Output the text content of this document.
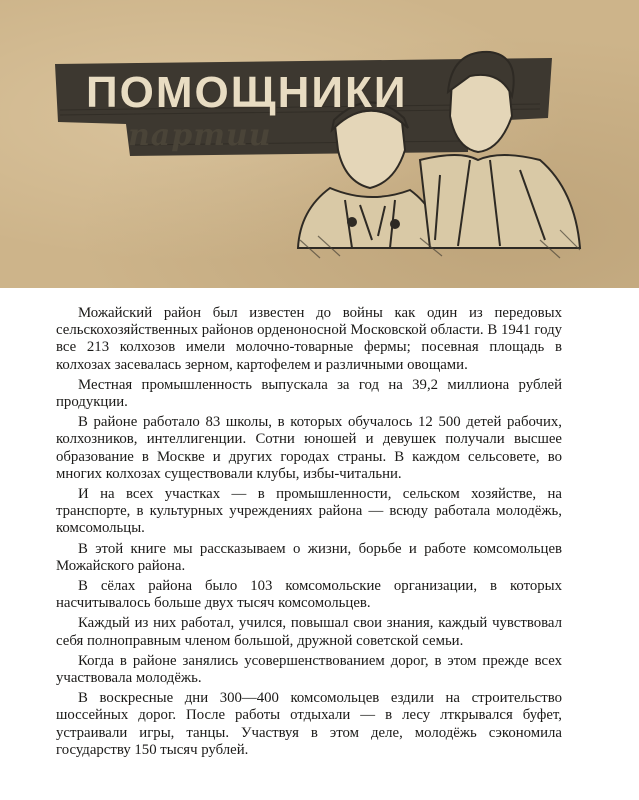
ПОМОЩНИКИ
партии

Можайский район был известен до войны как один из передовых сельскохозяйственных районов орденоносной Московской области. В 1941 году все 213 колхозов имели молочно-товарные фермы; посевная площадь в колхозах засевалась зерном, картофелем и различными овощами.

Местная промышленность выпускала за год на 39,2 миллиона рублей продукции.

В районе работало 83 школы, в которых обучалось 12 500 детей рабочих, колхозников, интеллигенции. Сотни юношей и девушек получали высшее образование в Москве и других городах страны. В каждом сельсовете, во многих колхозах существовали клубы, избы-читальни.

И на всех участках — в промышленности, сельском хозяйстве, на транспорте, в культурных учреждениях района — всюду работала молодёжь, комсомольцы.

В этой книге мы рассказываем о жизни, борьбе и работе комсомольцев Можайского района.

В сёлах района было 103 комсомольские организации, в которых насчитывалось больше двух тысяч комсомольцев.

Каждый из них работал, учился, повышал свои знания, каждый чувствовал себя полноправным членом большой, дружной советской семьи.

Когда в районе занялись усовершенствованием дорог, в этом прежде всех участвовала молодёжь.

В воскресные дни 300—400 комсомольцев ездили на строительство шоссейных дорог. После работы отдыхали — в лесу лткрывался буфет, устраивали игры, танцы. Участвуя в этом деле, молодёжь сэкономила государству 150 тысяч рублей.
